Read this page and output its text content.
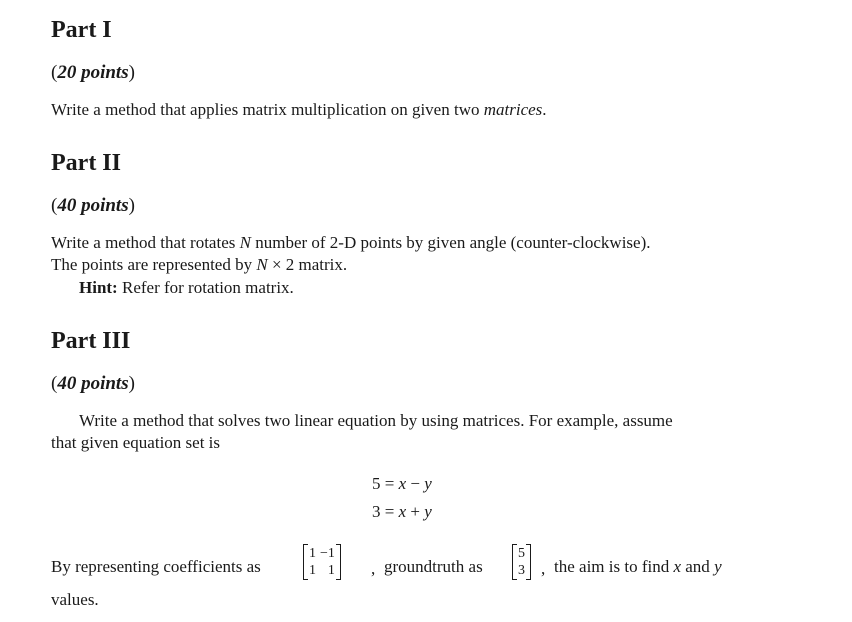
Part I
(20 points)
Write a method that applies matrix multiplication on given two matrices.
Part II
(40 points)
Write a method that rotates N number of 2-D points by given angle (counter-clockwise).
The points are represented by N × 2 matrix.
Hint: Refer for rotation matrix.
Part III
(40 points)
Write a method that solves two linear equation by using matrices. For example, assume
that given equation set is
5 = x − y
3 = x + y
By representing coefficients as
1	−1
1	1 , groundtruth as
5
3 , the aim is to find x and y
values.
